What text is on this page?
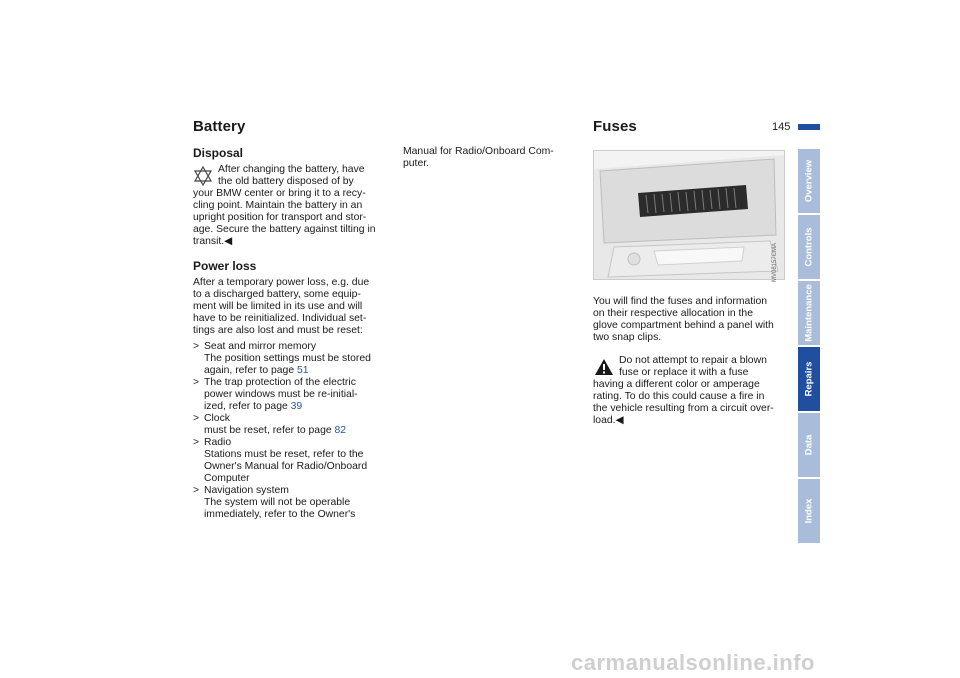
Battery
Disposal

After changing the battery, have

the old battery disposed of by

your BMW center or bring it to a recy-

cling point. Maintain the battery in an

upright position for transport and stor-

age. Secure the battery against tilting in

transit.◀

Power loss

After a temporary power loss, e.g. due

to a discharged battery, some equip-

ment will be limited in its use and will

have to be reinitialized. Individual set-

tings are also lost and must be reset:

> Seat and mirror memory

The position settings must be stored

again, refer to page 51

> The trap protection of the electric

power windows must be re-initial-

ized, refer to page 39

> Clock

must be reset, refer to page 82

> Radio

Stations must be reset, refer to the

Owner's Manual for Radio/Onboard

Computer

> Navigation system

The system will not be operable

immediately, refer to the Owner's

Manual for Radio/Onboard Com-

puter.

Fuses	145
MV08157CMA

You will find the fuses and information

on their respective allocation in the

glove compartment behind a panel with

two snap clips.

Do not attempt to repair a blown

fuse or replace it with a fuse

having a different color or amperage

rating. To do this could cause a fire in

the vehicle resulting from a circuit over-

load.◀

Overview
Controls
Maintenance
Repairs
Data
Index
carmanualsonline.info
